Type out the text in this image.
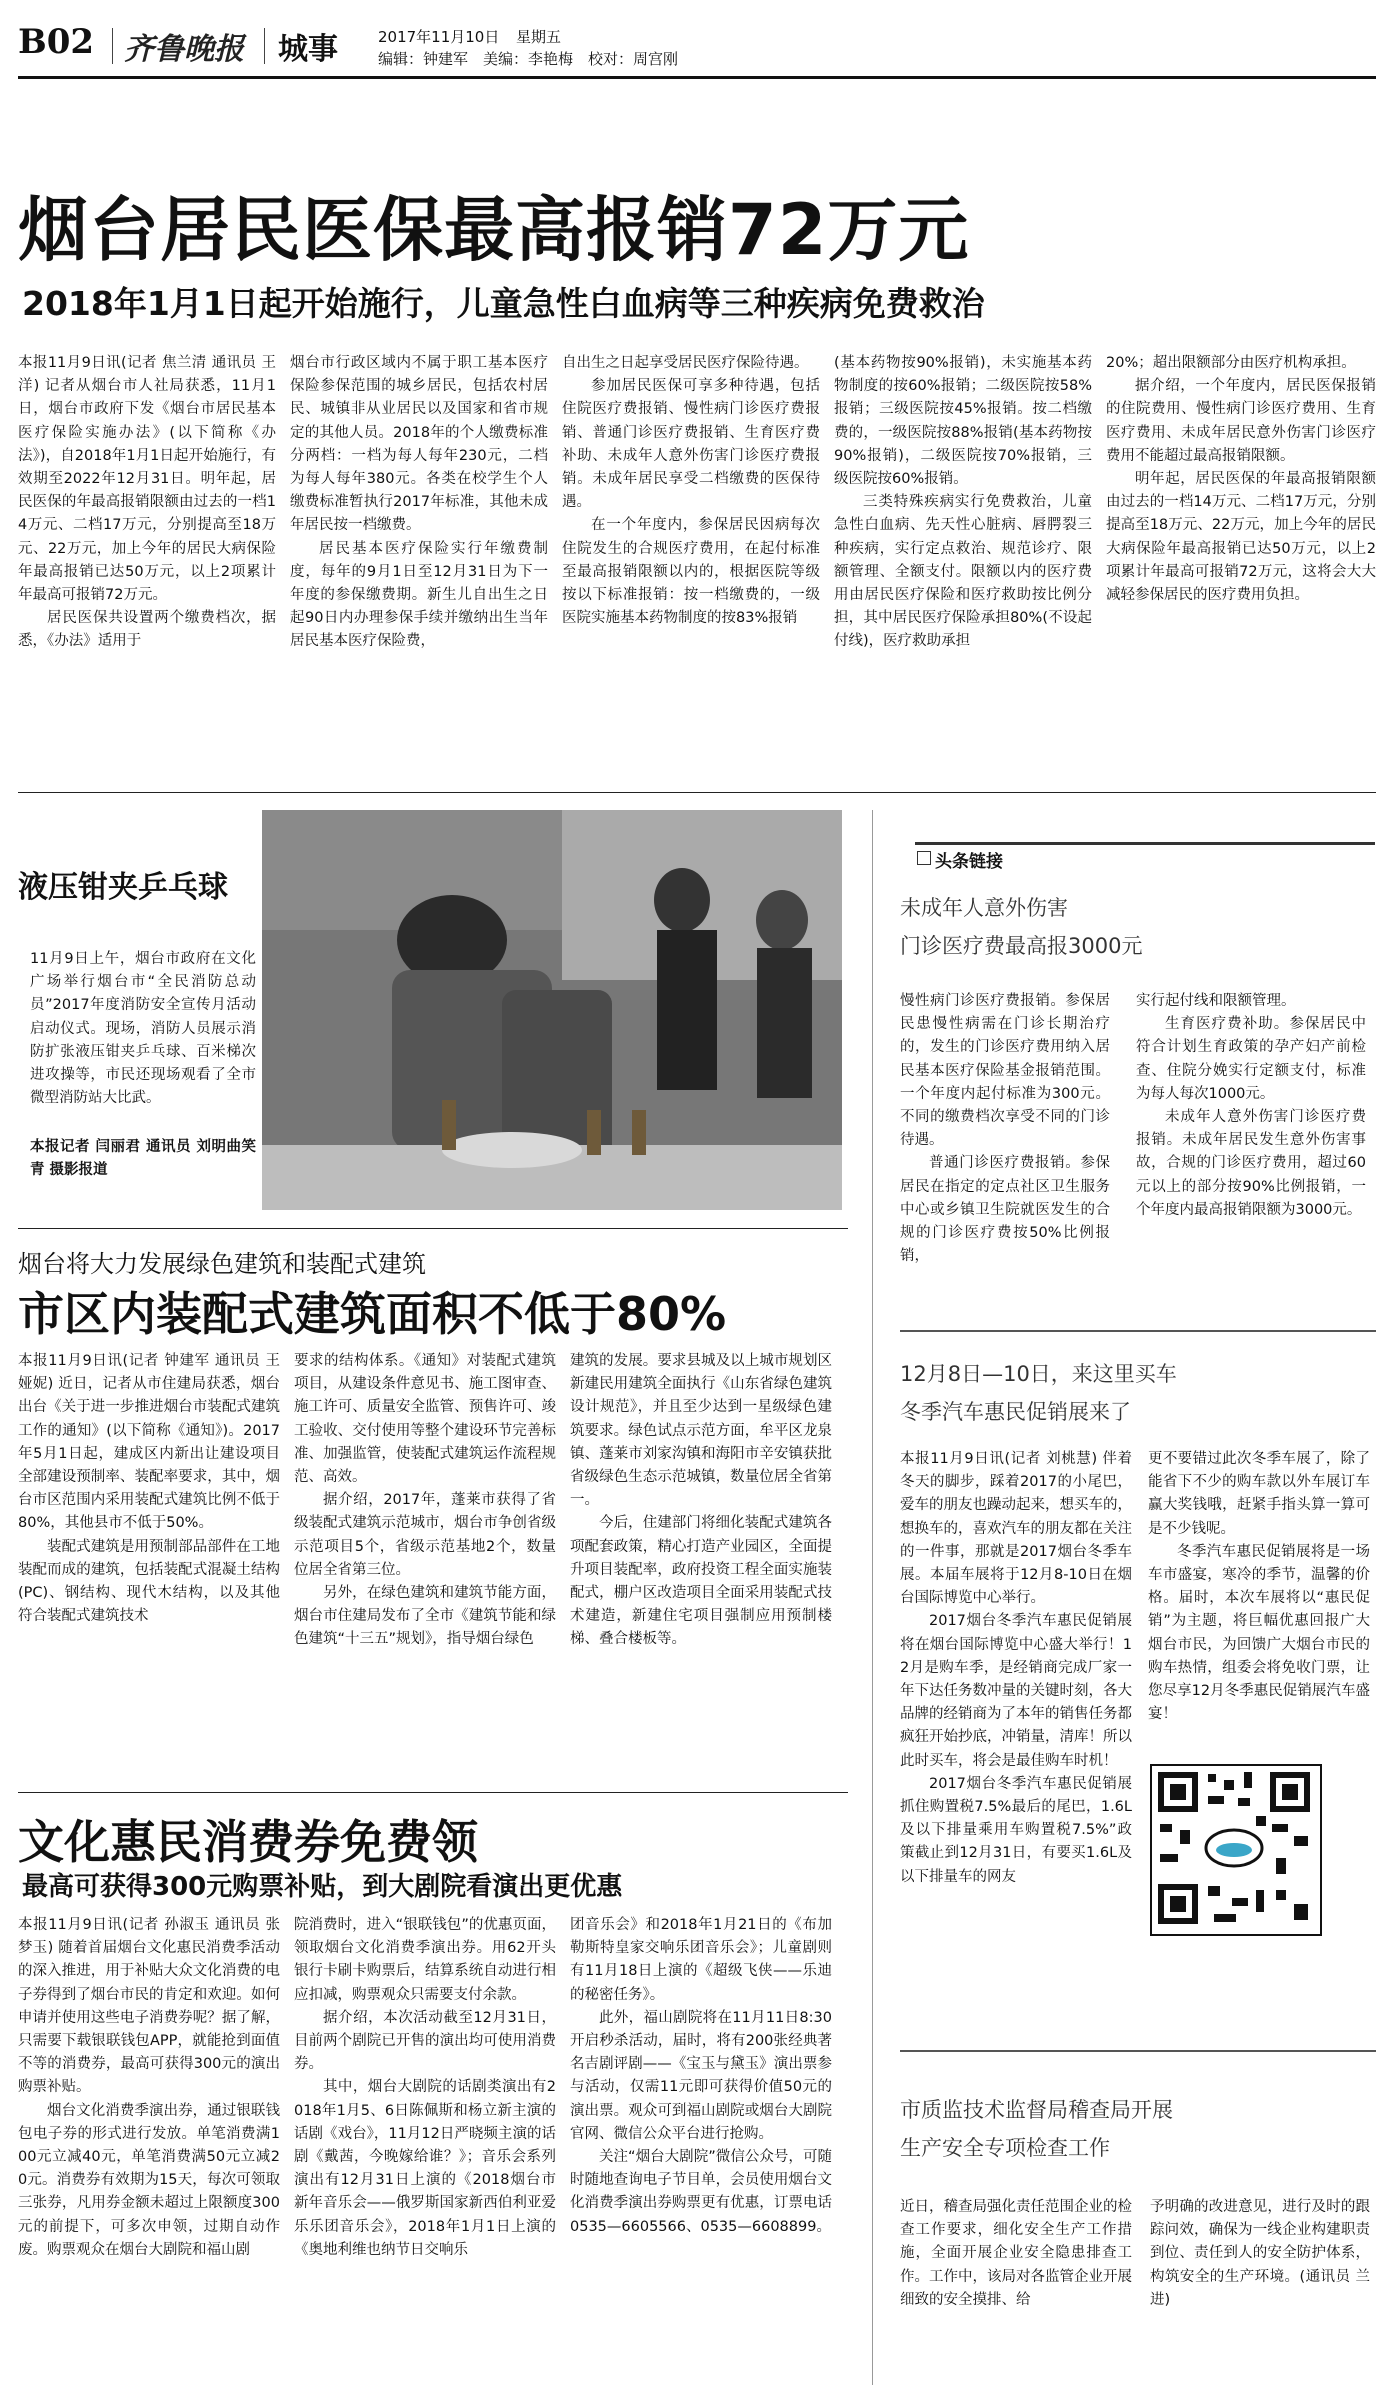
B02 齐鲁晚报 城事	2017年11月10日 星期五
编辑：钟建军　美编：李艳梅　校对：周宫刚
烟台居民医保最高报销72万元
2018年1月1日起开始施行，儿童急性白血病等三种疾病免费救治
本报11月9日讯(记者 焦兰清 通讯员 王洋) 记者从烟台市人社局获悉，11月1日，烟台市政府下发《烟台市居民基本医疗保险实施办法》(以下简称《办法》)，自2018年1月1日起开始施行，有效期至2022年12月31日。明年起，居民医保的年最高报销限额由过去的一档14万元、二档17万元，分别提高至18万元、22万元，加上今年的居民大病保险年最高报销已达50万元，以上2项累计年最高可报销72万元。
居民医保共设置两个缴费档次，据悉，《办法》适用于
烟台市行政区域内不属于职工基本医疗保险参保范围的城乡居民，包括农村居民、城镇非从业居民以及国家和省市规定的其他人员。2018年的个人缴费标准分两档：一档为每人每年230元，二档为每人每年380元。各类在校学生个人缴费标准暂执行2017年标准，其他未成年居民按一档缴费。
居民基本医疗保险实行年缴费制度，每年的9月1日至12月31日为下一年度的参保缴费期。新生儿自出生之日起90日内办理参保手续并缴纳出生当年居民基本医疗保险费，
自出生之日起享受居民医疗保险待遇。
参加居民医保可享多种待遇，包括住院医疗费报销、慢性病门诊医疗费报销、普通门诊医疗费报销、生育医疗费补助、未成年人意外伤害门诊医疗费报销。未成年居民享受二档缴费的医保待遇。
在一个年度内，参保居民因病每次住院发生的合规医疗费用，在起付标准至最高报销限额以内的，根据医院等级按以下标准报销：按一档缴费的，一级医院实施基本药物制度的按83%报销
(基本药物按90%报销)，未实施基本药物制度的按60%报销；二级医院按58%报销；三级医院按45%报销。按二档缴费的，一级医院按88%报销(基本药物按90%报销)，二级医院按70%报销，三级医院按60%报销。
三类特殊疾病实行免费救治，儿童急性白血病、先天性心脏病、唇腭裂三种疾病，实行定点救治、规范诊疗、限额管理、全额支付。限额以内的医疗费用由居民医疗保险和医疗救助按比例分担，其中居民医疗保险承担80%(不设起付线)，医疗救助承担
20%；超出限额部分由医疗机构承担。
据介绍，一个年度内，居民医保报销的住院费用、慢性病门诊医疗费用、生育医疗费用、未成年居民意外伤害门诊医疗费用不能超过最高报销限额。
明年起，居民医保的年最高报销限额由过去的一档14万元、二档17万元，分别提高至18万元、22万元，加上今年的居民大病保险年最高报销已达50万元，以上2项累计年最高可报销72万元，这将会大大减轻参保居民的医疗费用负担。
液压钳夹乒乓球
11月9日上午，烟台市政府在文化广场举行烟台市“全民消防总动员”2017年度消防安全宣传月活动启动仪式。现场，消防人员展示消防扩张液压钳夹乒乓球、百米梯次进攻操等，市民还现场观看了全市微型消防站大比武。
本报记者 闫丽君 通讯员 刘明曲笑青 摄影报道
头条链接
未成年人意外伤害
门诊医疗费最高报3000元
慢性病门诊医疗费报销。参保居民患慢性病需在门诊长期治疗的，发生的门诊医疗费用纳入居民基本医疗保险基金报销范围。一个年度内起付标准为300元。不同的缴费档次享受不同的门诊待遇。
普通门诊医疗费报销。参保居民在指定的定点社区卫生服务中心或乡镇卫生院就医发生的合规的门诊医疗费按50%比例报销，
实行起付线和限额管理。
生育医疗费补助。参保居民中符合计划生育政策的孕产妇产前检查、住院分娩实行定额支付，标准为每人每次1000元。
未成年人意外伤害门诊医疗费报销。未成年居民发生意外伤害事故，合规的门诊医疗费用，超过60元以上的部分按90%比例报销，一个年度内最高报销限额为3000元。
烟台将大力发展绿色建筑和装配式建筑
市区内装配式建筑面积不低于80%
本报11月9日讯(记者 钟建军 通讯员 王娅妮) 近日，记者从市住建局获悉，烟台出台《关于进一步推进烟台市装配式建筑工作的通知》(以下简称《通知》)。2017年5月1日起，建成区内新出让建设项目全部建设预制率、装配率要求，其中，烟台市区范围内采用装配式建筑比例不低于80%，其他县市不低于50%。
装配式建筑是用预制部品部件在工地装配而成的建筑，包括装配式混凝土结构(PC)、钢结构、现代木结构，以及其他符合装配式建筑技术
要求的结构体系。《通知》对装配式建筑项目，从建设条件意见书、施工图审查、施工许可、质量安全监管、预售许可、竣工验收、交付使用等整个建设环节完善标准、加强监管，使装配式建筑运作流程规范、高效。
据介绍，2017年，蓬莱市获得了省级装配式建筑示范城市，烟台市争创省级示范项目5个，省级示范基地2个，数量位居全省第三位。
另外，在绿色建筑和建筑节能方面，烟台市住建局发布了全市《建筑节能和绿色建筑“十三五”规划》，指导烟台绿色
建筑的发展。要求县城及以上城市规划区新建民用建筑全面执行《山东省绿色建筑设计规范》，并且至少达到一星级绿色建筑要求。绿色试点示范方面，牟平区龙泉镇、蓬莱市刘家沟镇和海阳市辛安镇获批省级绿色生态示范城镇，数量位居全省第一。
今后，住建部门将细化装配式建筑各项配套政策，精心打造产业园区，全面提升项目装配率，政府投资工程全面实施装配式，棚户区改造项目全面采用装配式技术建造，新建住宅项目强制应用预制楼梯、叠合楼板等。
12月8日—10日，来这里买车
冬季汽车惠民促销展来了
本报11月9日讯(记者 刘桃慧) 伴着冬天的脚步，踩着2017的小尾巴，爱车的朋友也躁动起来，想买车的，想换车的，喜欢汽车的朋友都在关注的一件事，那就是2017烟台冬季车展。本届车展将于12月8-10日在烟台国际博览中心举行。
2017烟台冬季汽车惠民促销展将在烟台国际博览中心盛大举行！12月是购车季，是经销商完成厂家一年下达任务数冲量的关键时刻，各大品牌的经销商为了本年的销售任务都疯狂开始抄底，冲销量，清库！所以此时买车，将会是最佳购车时机！
2017烟台冬季汽车惠民促销展抓住购置税7.5%最后的尾巴，1.6L及以下排量乘用车购置税7.5%”政策截止到12月31日，有要买1.6L及以下排量车的网友
更不要错过此次冬季车展了，除了能省下不少的购车款以外车展订车赢大奖钱哦，赶紧手指头算一算可是不少钱呢。
冬季汽车惠民促销展将是一场车市盛宴，寒冷的季节，温馨的价格。届时，本次车展将以“惠民促销”为主题，将巨幅优惠回报广大烟台市民，为回馈广大烟台市民的购车热情，组委会将免收门票，让您尽享12月冬季惠民促销展汽车盛宴！
文化惠民消费券免费领
最高可获得300元购票补贴，到大剧院看演出更优惠
本报11月9日讯(记者 孙淑玉 通讯员 张梦玉) 随着首届烟台文化惠民消费季活动的深入推进，用于补贴大众文化消费的电子券得到了烟台市民的肯定和欢迎。如何申请并使用这些电子消费券呢？据了解，只需要下载银联钱包APP，就能抢到面值不等的消费券，最高可获得300元的演出购票补贴。
烟台文化消费季演出券，通过银联钱包电子券的形式进行发放。单笔消费满100元立减40元，单笔消费满50元立减20元。消费券有效期为15天，每次可领取三张券，凡用券金额未超过上限额度300元的前提下，可多次申领，过期自动作废。购票观众在烟台大剧院和福山剧
院消费时，进入“银联钱包”的优惠页面，领取烟台文化消费季演出券。用62开头银行卡刷卡购票后，结算系统自动进行相应扣减，购票观众只需要支付余款。
据介绍，本次活动截至12月31日，目前两个剧院已开售的演出均可使用消费券。
其中，烟台大剧院的话剧类演出有2018年1月5、6日陈佩斯和杨立新主演的话剧《戏台》，11月12日严晓频主演的话剧《戴茜，今晚嫁给谁？》；音乐会系列演出有12月31日上演的《2018烟台市新年音乐会——俄罗斯国家新西伯利亚爱乐乐团音乐会》，2018年1月1日上演的《奥地利维也纳节日交响乐
团音乐会》和2018年1月21日的《布加勒斯特皇家交响乐团音乐会》；儿童剧则有11月18日上演的《超级飞侠——乐迪的秘密任务》。
此外，福山剧院将在11月11日8:30开启秒杀活动，届时，将有200张经典著名吉剧评剧——《宝玉与黛玉》演出票参与活动，仅需11元即可获得价值50元的演出票。观众可到福山剧院或烟台大剧院官网、微信公众平台进行抢购。
关注“烟台大剧院”微信公众号，可随时随地查询电子节目单，会员使用烟台文化消费季演出券购票更有优惠，订票电话0535—6605566、0535—6608899。
市质监技术监督局稽查局开展
生产安全专项检查工作
近日，稽查局强化责任范围企业的检查工作要求，细化安全生产工作措施，全面开展企业安全隐患排查工作。工作中，该局对各监管企业开展细致的安全摸排、给
予明确的改进意见，进行及时的跟踪问效，确保为一线企业构建职责到位、责任到人的安全防护体系，构筑安全的生产环境。(通讯员 兰进)
